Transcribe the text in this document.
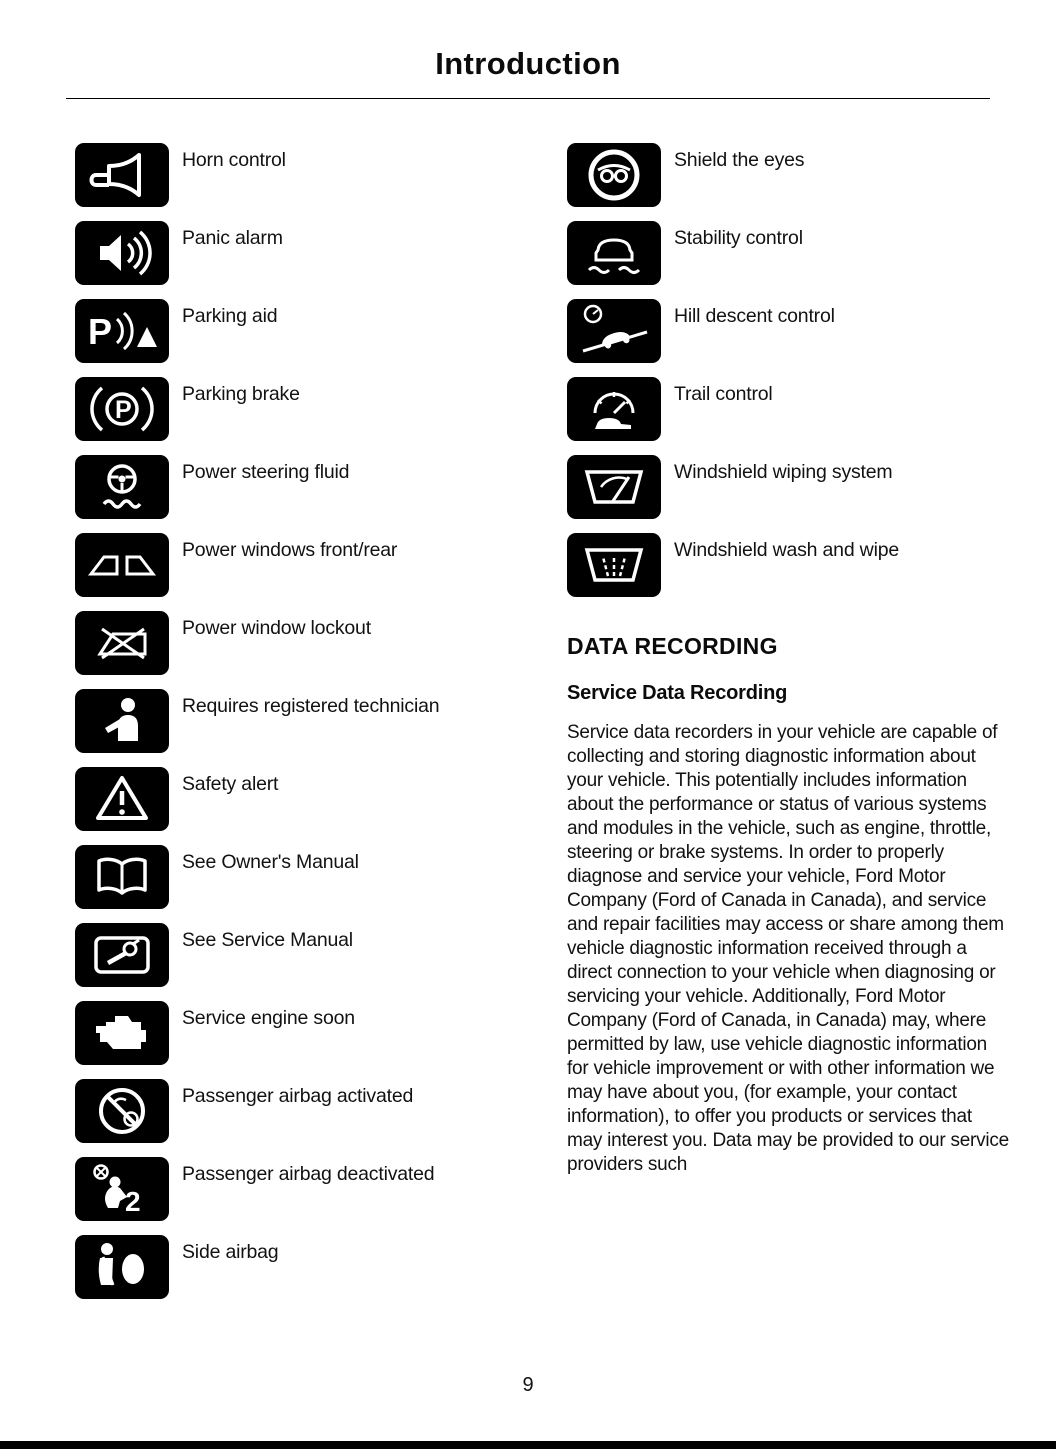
Introduction
Horn control
Panic alarm
P	Parking aid
P
Parking brake
Power steering fluid
Power windows front/rear
Power window lockout
Requires registered technician
Safety alert
See Owner's Manual
See Service Manual
Service engine soon
Passenger airbag activated
2
Passenger airbag deactivated
Side airbag
Shield the eyes
Stability control
Hill descent control
Trail control
Windshield wiping system
Windshield wash and wipe
DATA RECORDING
Service Data Recording

Service data recorders in your vehicle are capable of collecting and storing diagnostic information about your vehicle. This potentially includes information about the performance or status of various systems and modules in the vehicle, such as engine, throttle, steering or brake systems. In order to properly diagnose and service your vehicle, Ford Motor Company (Ford of Canada in Canada), and service and repair facilities may access or share among them vehicle diagnostic information received through a direct connection to your vehicle when diagnosing or servicing your vehicle. Additionally, Ford Motor Company (Ford of Canada, in Canada) may, where permitted by law, use vehicle diagnostic information for vehicle improvement or with other information we may have about you, (for example, your contact information), to offer you products or services that may interest you. Data may be provided to our service providers such

9
